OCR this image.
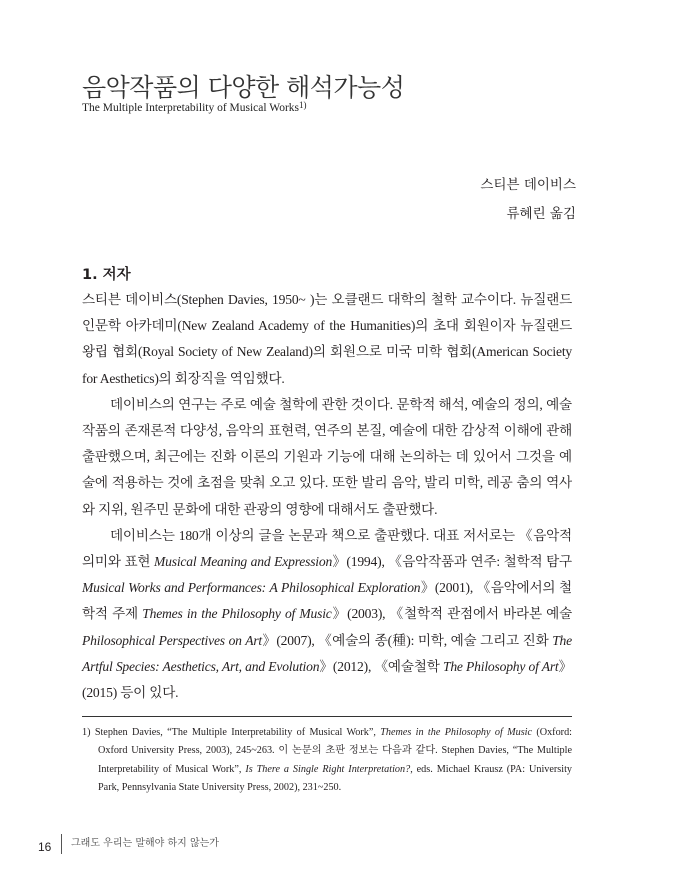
음악작품의 다양한 해석가능성
The Multiple Interpretability of Musical Works$^{1)}$
스티븐 데이비스
류혜린 옮김
1. 저자

스티븐 데이비스(Stephen Davies, 1950~ )는 오클랜드 대학의 철학 교수이다. 뉴질랜드 인문학 아카데미(New Zealand Academy of the Humanities)의 초대 회원이자 뉴질랜드 왕립 협회(Royal Society of New Zealand)의 회원으로 미국 미학 협회(American Society for Aesthetics)의 회장직을 역임했다.

데이비스의 연구는 주로 예술 철학에 관한 것이다. 문학적 해석, 예술의 정의, 예술작품의 존재론적 다양성, 음악의 표현력, 연주의 본질, 예술에 대한 감상적 이해에 관해 출판했으며, 최근에는 진화 이론의 기원과 기능에 대해 논의하는 데 있어서 그것을 예술에 적용하는 것에 초점을 맞춰 오고 있다. 또한 발리 음악, 발리 미학, 레공 춤의 역사와 지위, 원주민 문화에 대한 관광의 영향에 대해서도 출판했다.

데이비스는 180개 이상의 글을 논문과 책으로 출판했다. 대표 저서로는 《음악적 의미와 표현 Musical Meaning and Expression》(1994), 《음악작품과 연주: 철학적 탐구 Musical Works and Performances: A Philosophical Exploration》(2001), 《음악에서의 철학적 주제 Themes in the Philosophy of Music》(2003), 《철학적 관점에서 바라본 예술 Philosophical Perspectives on Art》(2007), 《예술의 종(種): 미학, 예술 그리고 진화 The Artful Species: Aesthetics, Art, and Evolution》(2012), 《예술철학 The Philosophy of Art》(2015) 등이 있다.

1) Stephen Davies, “The Multiple Interpretability of Musical Work”, Themes in the Philosophy of Music (Oxford: Oxford University Press, 2003), 245~263. 이 논문의 초판 정보는 다음과 같다. Stephen Davies, “The Multiple Interpretability of Musical Work”, Is There a Single Right Interpretation?, eds. Michael Krausz (PA: University Park, Pennsylvania State University Press, 2002), 231~250.
16	그래도 우리는 말해야 하지 않는가
